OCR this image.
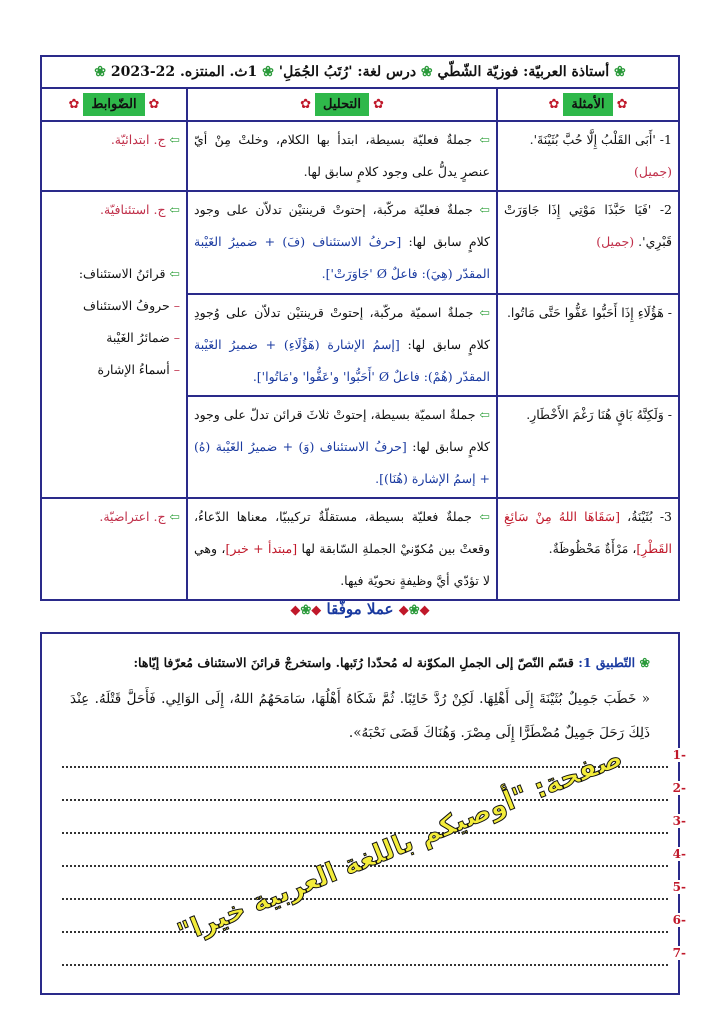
❀ أستاذة العربيّة: فوزيّة الشّطّي ❀ درس لغة: 'رُتَبُ الجُمَلِ' ❀ 1ث. المنتزه. 22-2023 ❀		
✿ الأمثلة ✿	✿ التحليل ✿	✿ الضّوابط ✿
1- 'أَبَى القَلْبُ إِلَّا حُبَّ بُثَيْنَةَ'.
(جميل)	⇦ جملةٌ فعليّة بسيطة، ابتدأ بها الكلام، وخلتْ مِنْ أيّ عنصرٍ يدلُّ على وجود كلامٍ سابق لها.	⇦ ج. ابتدائيّة.
2- 'فَيَا حَبَّذَا مَوْتِي إِذَا جَاوَرَتْ قَبْرِي'. (جميل)	⇦ جملةٌ فعليّة مركّبة، إحتوتْ قرينتيْن تدلاّن على وجود كلامٍ سابق لها: [حرفُ الاستئناف (فَ) + ضميرُ الغَيْبة المقدّر (هِيَ): فاعلٌ Ø 'جَاوَرَتْ'].	⇦ ج. استئنافيّة.

⇦ قرائنُ الاستئناف:
– حروفُ الاستئناف
– ضمائرُ الغَيْبة
– أسماءُ الإشارة
- هَؤُلَاءِ إِذَا أَحَبُّوا عَفُّوا حَتَّى مَاتُوا.	⇦ جملةٌ اسميّة مركّبة، إحتوتْ قرينتيْن تدلاّن على وُجودِ كلامٍ سابق لها: [إسمُ الإشارة (هَؤُلَاءِ) + ضميرُ الغَيْبة المقدّر (هُمْ): فاعلٌ Ø 'أَحَبُّوا' و'عَفُّوا' و'مَاتُوا'].	
- وَلَكِنَّهُ بَاقٍ هُنَا رَغْمَ الأَخْطَارِ.	⇦ جملةٌ اسميّة بسيطة، إحتوتْ ثلاثَ قرائن تدلّ على وجود كلامٍ سابق لها: [حرفُ الاستئناف (وَ) + ضميرُ الغَيْبة (هُ) + إسمُ الإشارة (هُنَا)].	
3- بُثَيْنَةُ، [سَقَاهَا اللهُ مِنْ سَائِغِ القَطْرِ]، مَرْأَةٌ مَحْظُوظَةٌ.	⇦ جملةٌ فعليّة بسيطة، مستقلّةٌ تركيبيّا، معناها الدّعاءُ، وقعتْ بين مُكوّنيْ الجملةِ السّابقة لها [مبتدأ + خبر]، وهي لا تؤدّي أيَّ وظيفةٍ نحويّة فيها.	⇦ ج. اعتراضيّة.
◆❀◆ عملا موفّقا ◆❀◆
❀ التّطبيق 1: قسّم النّصّ إلى الجملِ المكوّنة له مُحدّدا رُتَبها. واستخرجْ قرائنَ الاستئناف مُعرّفا إيّاها:
« خَطَبَ جَمِيلٌ بُثَيْنَةَ إِلَى أَهْلِهَا. لَكِنْ رُدَّ خَائِبًا. ثُمَّ شَكَاهُ أَهْلُهَا، سَامَحَهُمُ اللهُ، إِلَى الوَالِي. فَأَحَلَّ قَتْلَهُ. عِنْدَ ذَلِكَ رَحَلَ جَمِيلٌ مُضْطَرًّا إِلَى مِصْرَ. وَهُنَاكَ قَضَى نَحْبَهُ».
-1
-2
-3
-4
-5
-6
-7
صفحة: "أوصيكم باللغة العربية خيرا"
